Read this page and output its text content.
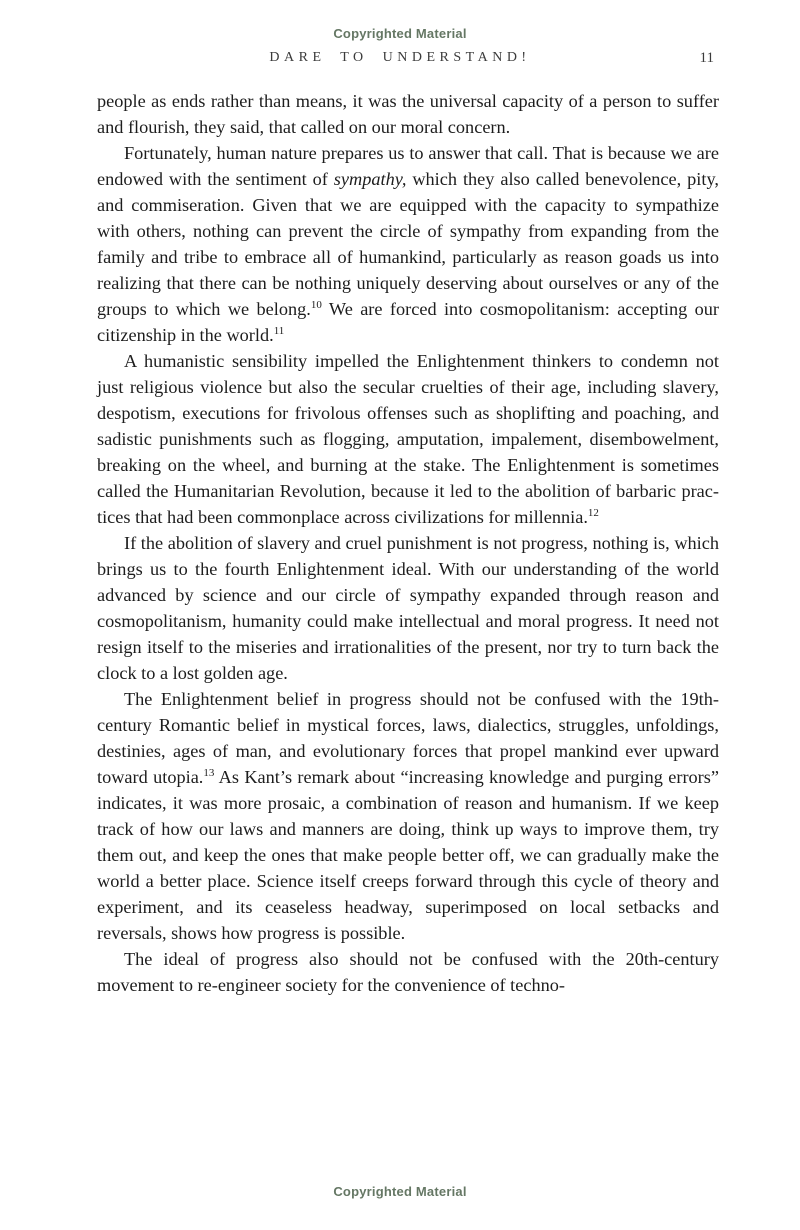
Copyrighted Material
DARE TO UNDERSTAND!	11

people as ends rather than means, it was the universal capacity of a person to suffer and flourish, they said, that called on our moral concern.

Fortunately, human nature prepares us to answer that call. That is because we are endowed with the sentiment of sympathy, which they also called benevolence, pity, and commiseration. Given that we are equipped with the capacity to sympathize with others, nothing can prevent the circle of sympathy from expanding from the family and tribe to embrace all of humankind, particularly as reason goads us into realizing that there can be nothing uniquely deserving about ourselves or any of the groups to which we belong.$^{10}$ We are forced into cosmopolitanism: accepting our citizenship in the world.$^{11}$

A humanistic sensibility impelled the Enlightenment thinkers to condemn not just religious violence but also the secular cruelties of their age, including slavery, despotism, executions for frivolous offenses such as shoplifting and poaching, and sadistic punishments such as flogging, amputation, impalement, disembowelment, breaking on the wheel, and burning at the stake. The Enlightenment is sometimes called the Humanitarian Revolution, because it led to the abolition of barbaric practices that had been commonplace across civilizations for millennia.$^{12}$

If the abolition of slavery and cruel punishment is not progress, nothing is, which brings us to the fourth Enlightenment ideal. With our understanding of the world advanced by science and our circle of sympathy expanded through reason and cosmopolitanism, humanity could make intellectual and moral progress. It need not resign itself to the miseries and irrationalities of the present, nor try to turn back the clock to a lost golden age.

The Enlightenment belief in progress should not be confused with the 19th-century Romantic belief in mystical forces, laws, dialectics, struggles, unfoldings, destinies, ages of man, and evolutionary forces that propel mankind ever upward toward utopia.$^{13}$ As Kant’s remark about “increasing knowledge and purging errors” indicates, it was more prosaic, a combination of reason and humanism. If we keep track of how our laws and manners are doing, think up ways to improve them, try them out, and keep the ones that make people better off, we can gradually make the world a better place. Science itself creeps forward through this cycle of theory and experiment, and its ceaseless headway, superimposed on local setbacks and reversals, shows how progress is possible.

The ideal of progress also should not be confused with the 20th-century movement to re-engineer society for the convenience of techno-

Copyrighted Material
